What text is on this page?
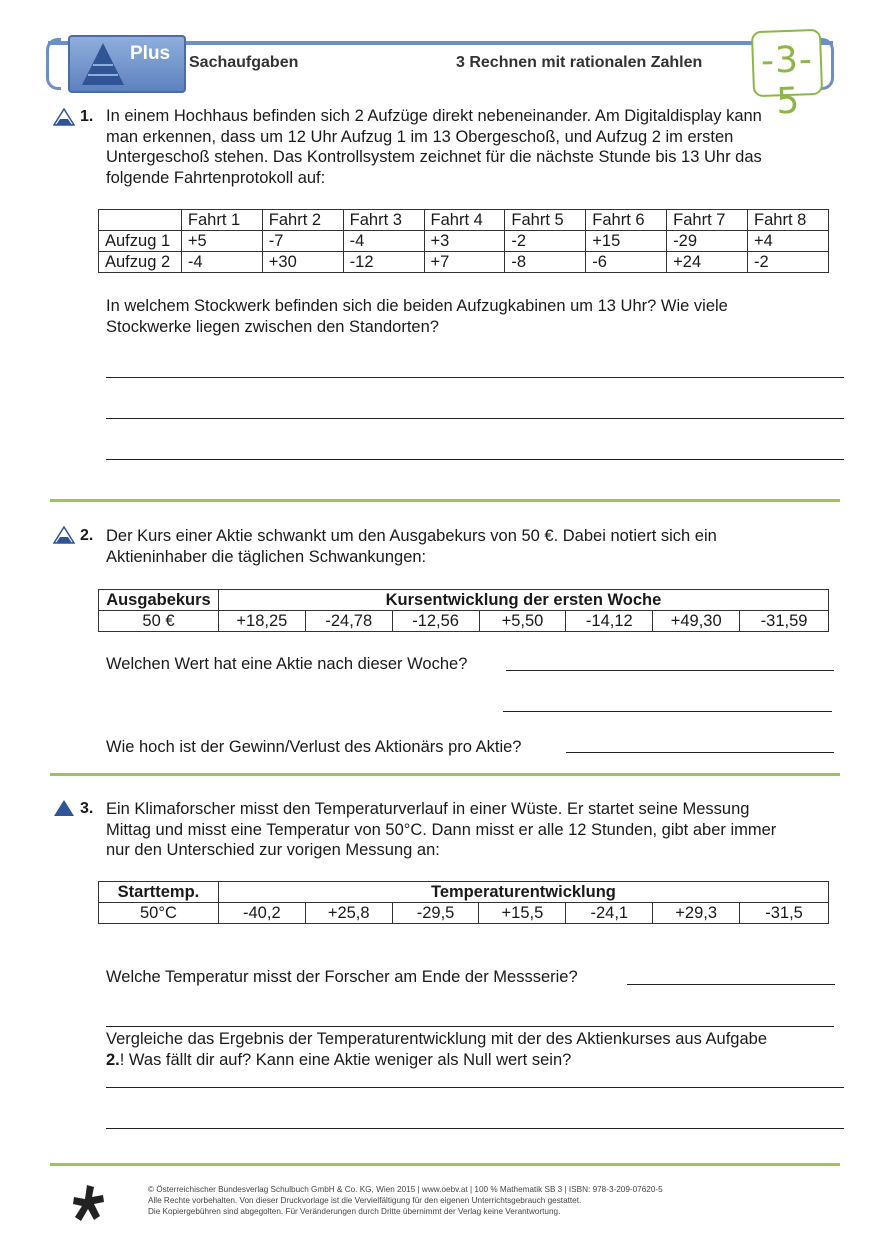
Plus Sachaufgaben	3 Rechnen mit rationalen Zahlen -3-5
1. In einem Hochhaus befinden sich 2 Aufzüge direkt nebeneinander. Am Digitaldisplay kann
man erkennen, dass um 12 Uhr Aufzug 1 im 13 Obergeschoß, und Aufzug 2 im ersten
Untergeschoß stehen. Das Kontrollsystem zeichnet für die nächste Stunde bis 13 Uhr das
folgende Fahrtenprotokoll auf:
	Fahrt 1	Fahrt 2	Fahrt 3	Fahrt 4	Fahrt 5	Fahrt 6	Fahrt 7	Fahrt 8
Aufzug 1	+5	-7	-4	+3	-2	+15	-29	+4
Aufzug 2	-4	+30	-12	+7	-8	-6	+24	-2
In welchem Stockwerk befinden sich die beiden Aufzugkabinen um 13 Uhr? Wie viele
Stockwerke liegen zwischen den Standorten?
2. Der Kurs einer Aktie schwankt um den Ausgabekurs von 50 €. Dabei notiert sich ein
Aktieninhaber die täglichen Schwankungen:
Ausgabekurs	Kursentwicklung der ersten Woche						
50 €	+18,25	-24,78	-12,56	+5,50	-14,12	+49,30	-31,59
Welchen Wert hat eine Aktie nach dieser Woche?
Wie hoch ist der Gewinn/Verlust des Aktionärs pro Aktie?
3. Ein Klimaforscher misst den Temperaturverlauf in einer Wüste. Er startet seine Messung
Mittag und misst eine Temperatur von 50°C. Dann misst er alle 12 Stunden, gibt aber immer
nur den Unterschied zur vorigen Messung an:
Starttemp.	Temperaturentwicklung						
50°C	-40,2	+25,8	-29,5	+15,5	-24,1	+29,3	-31,5
Welche Temperatur misst der Forscher am Ende der Messserie?
Vergleiche das Ergebnis der Temperaturentwicklung mit der des Aktienkurses aus Aufgabe
2.! Was fällt dir auf? Kann eine Aktie weniger als Null wert sein?
© Österreichischer Bundesverlag Schulbuch GmbH & Co. KG, Wien 2015 | www.oebv.at | 100 % Mathematik SB 3 | ISBN: 978-3-209-07620-5
Alle Rechte vorbehalten. Von dieser Druckvorlage ist die Vervielfältigung für den eigenen Unterrichtsgebrauch gestattet.
Die Kopiergebühren sind abgegolten. Für Veränderungen durch Dritte übernimmt der Verlag keine Verantwortung.
